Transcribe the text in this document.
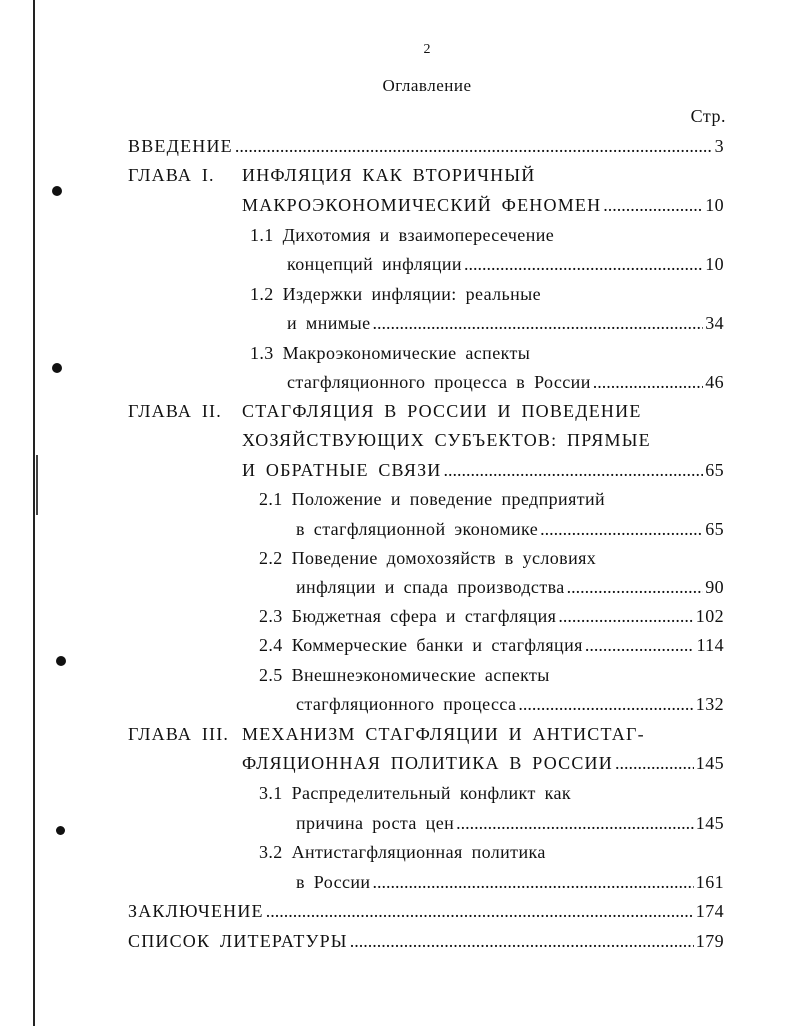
2
Оглавление
Стр.
ВВЕДЕНИЕ .....	3
ГЛАВА I. ИНФЛЯЦИЯ КАК ВТОРИЧНЫЙ
МАКРОЭКОНОМИЧЕСКИЙ ФЕНОМЕН .....	10
1.1 Дихотомия и взаимопересечение
концепций инфляции .....	10
1.2 Издержки инфляции: реальные
и мнимые .....	34
1.3 Макроэкономические аспекты
стагфляционного процесса в России .....	46
ГЛАВА II. СТАГФЛЯЦИЯ В РОССИИ И ПОВЕДЕНИЕ
ХОЗЯЙСТВУЮЩИХ СУБЪЕКТОВ: ПРЯМЫЕ
И ОБРАТНЫЕ СВЯЗИ .....	65
2.1 Положение и поведение предприятий
в стагфляционной экономике .....	65
2.2 Поведение домохозяйств в условиях
инфляции и спада производства .....	90
2.3 Бюджетная сфера и стагфляция .....	102
2.4 Коммерческие банки и стагфляция .....	114
2.5 Внешнеэкономические аспекты
стагфляционного процесса .....	132
ГЛАВА III. МЕХАНИЗМ СТАГФЛЯЦИИ И АНТИСТАГ-
ФЛЯЦИОННАЯ ПОЛИТИКА В РОССИИ .....	145
3.1 Распределительный конфликт как
причина роста цен .....	145
3.2 Антистагфляционная политика
в России .....	161
ЗАКЛЮЧЕНИЕ .....	174
СПИСОК ЛИТЕРАТУРЫ .....	179
